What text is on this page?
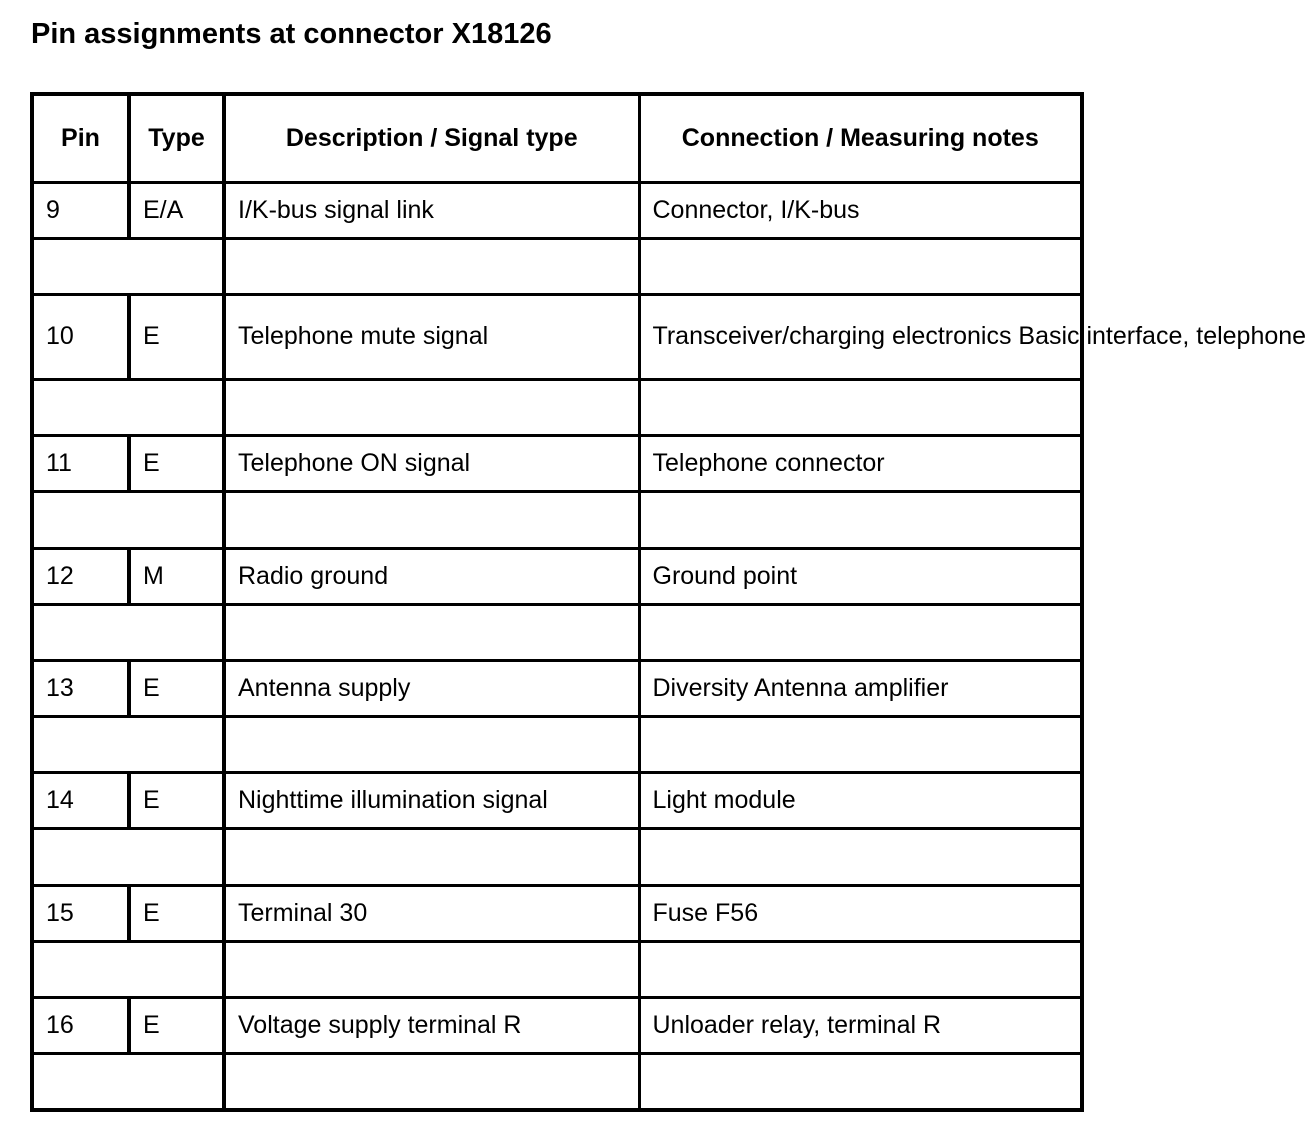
Pin assignments at connector X18126
Pin	Type	Description / Signal type	Connection / Measuring notes
9	E/A	I/K-bus signal link	Connector, I/K-bus

10	E	Telephone mute signal	Transceiver/charging electronics Basic interface, telephone

11	E	Telephone ON signal	Telephone connector

12	M	Radio ground	Ground point

13	E	Antenna supply	Diversity Antenna amplifier

14	E	Nighttime illumination signal	Light module

15	E	Terminal 30	Fuse F56

16	E	Voltage supply terminal R	Unloader relay, terminal R
